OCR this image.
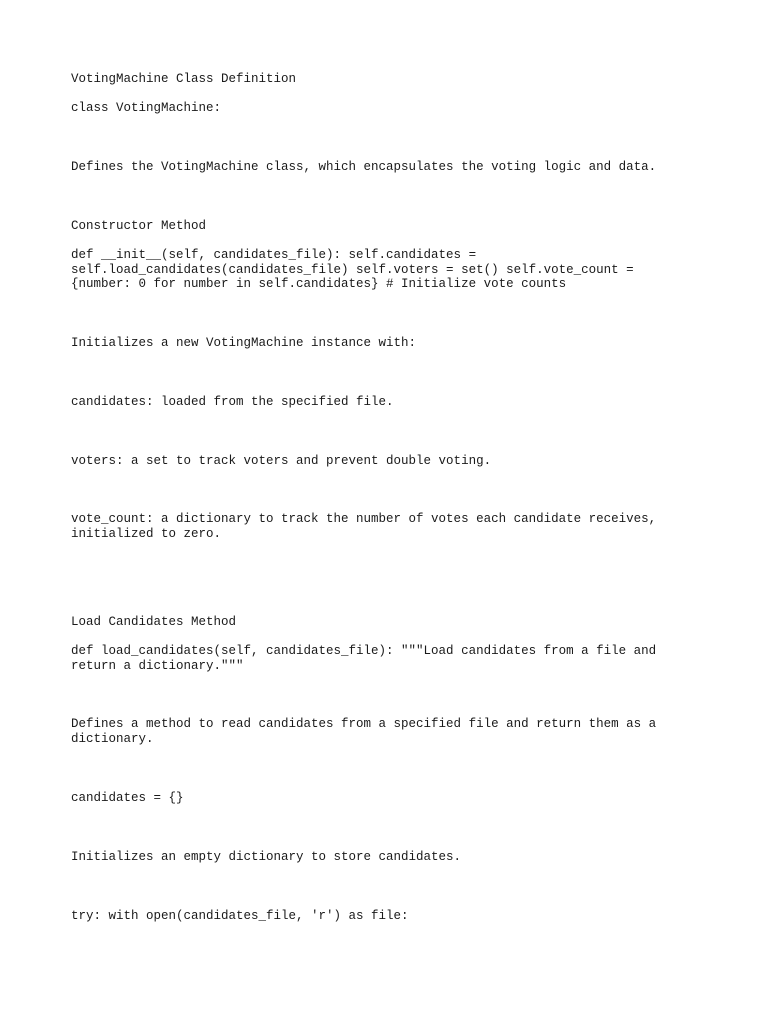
VotingMachine Class Definition
class VotingMachine:
Defines the VotingMachine class, which encapsulates the voting logic and data.
Constructor Method
def __init__(self, candidates_file): self.candidates =
self.load_candidates(candidates_file) self.voters = set() self.vote_count =
{number: 0 for number in self.candidates} # Initialize vote counts
Initializes a new VotingMachine instance with:
candidates: loaded from the specified file.
voters: a set to track voters and prevent double voting.
vote_count: a dictionary to track the number of votes each candidate receives, initialized to zero.
Load Candidates Method
def load_candidates(self, candidates_file): """Load candidates from a file and return a dictionary."""
Defines a method to read candidates from a specified file and return them as a dictionary.
candidates = {}
Initializes an empty dictionary to store candidates.
try: with open(candidates_file, 'r') as file:
